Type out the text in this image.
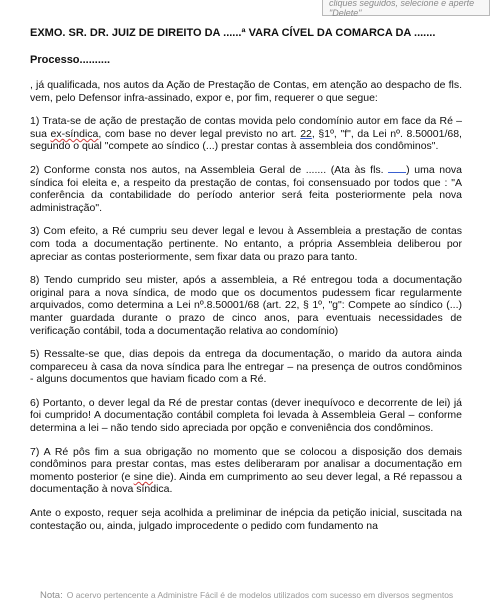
cliques seguidos, selecione e aperte "Delete"

EXMO. SR. DR. JUIZ DE DIREITO DA ......ª VARA CÍVEL DA COMARCA DA .......

Processo..........

, já qualificada, nos autos da Ação de Prestação de Contas, em atenção ao despacho de fls. vem, pelo Defensor infra-assinado, expor e, por fim, requerer o que segue:

1) Trata-se de ação de prestação de contas movida pelo condomínio autor em face da Ré – sua ex-síndica, com base no dever legal previsto no art. 22, §1º, "f", da Lei nº. 8.50001/68, segundo o qual "compete ao síndico (...) prestar contas à assembleia dos condôminos".

2) Conforme consta nos autos, na Assembleia Geral de ....... (Ata às fls. ) uma nova síndica foi eleita e, a respeito da prestação de contas, foi consensuado por todos que : "A conferência da contabilidade do período anterior será feita posteriormente pela nova administração".

3) Com efeito, a Ré cumpriu seu dever legal e levou à Assembleia a prestação de contas com toda a documentação pertinente. No entanto, a própria Assembleia deliberou por apreciar as contas posteriormente, sem fixar data ou prazo para tanto.

8) Tendo cumprido seu mister, após a assembleia, a Ré entregou toda a documentação original para a nova síndica, de modo que os documentos pudessem ficar regularmente arquivados, como determina a Lei nº.8.50001/68 (art. 22, § 1º, "g": Compete ao síndico (...) manter guardada durante o prazo de cinco anos, para eventuais necessidades de verificação contábil, toda a documentação relativa ao condomínio)

5) Ressalte-se que, dias depois da entrega da documentação, o marido da autora ainda compareceu à casa da nova síndica para lhe entregar – na presença de outros condôminos - alguns documentos que haviam ficado com a Ré.

6) Portanto, o dever legal da Ré de prestar contas (dever inequívoco e decorrente de lei) já foi cumprido! A documentação contábil completa foi levada à Assembleia Geral – conforme determina a lei – não tendo sido apreciada por opção e conveniência dos condôminos.

7) A Ré pôs fim a sua obrigação no momento que se colocou a disposição dos demais condôminos para prestar contas, mas estes deliberaram por analisar a documentação em momento posterior (e sine die). Ainda em cumprimento ao seu dever legal, a Ré repassou a documentação à nova síndica.

Ante o exposto, requer seja acolhida a preliminar de inépcia da petição inicial, suscitada na contestação ou, ainda, julgado improcedente o pedido com fundamento na

Nota: O acervo pertencente a Administre Fácil é de modelos utilizados com sucesso em diversos segmentos
